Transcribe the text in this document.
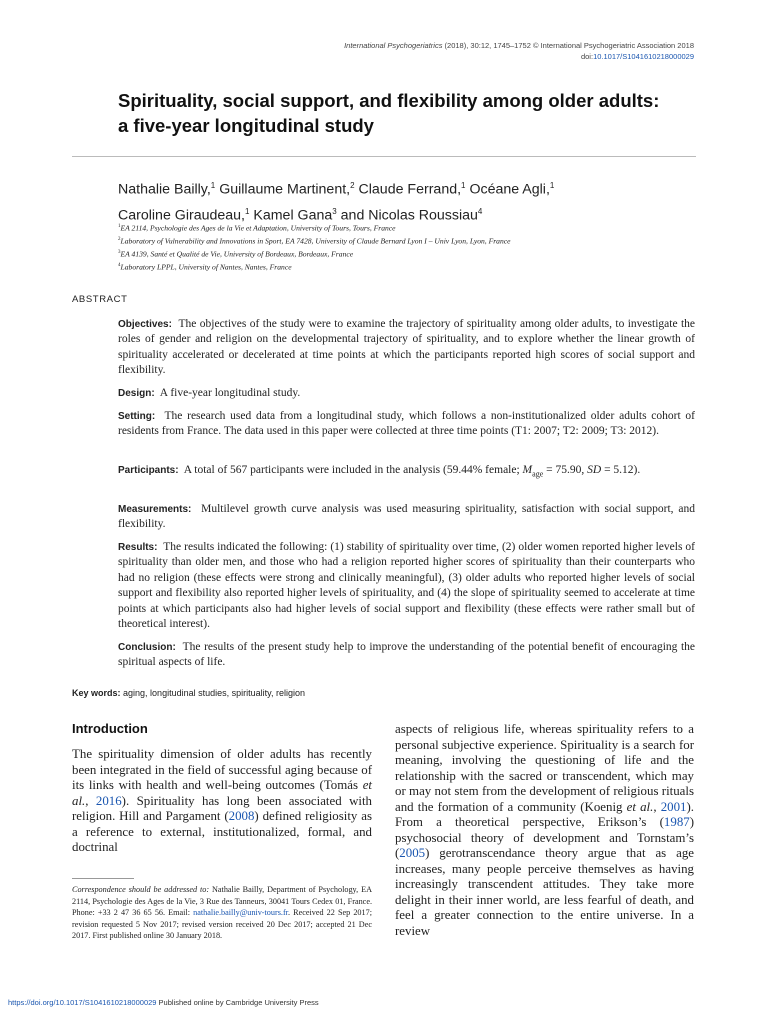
International Psychogeriatrics (2018), 30:12, 1745–1752 © International Psychogeriatric Association 2018
doi:10.1017/S1041610218000029
Spirituality, social support, and flexibility among older adults:
a five-year longitudinal study
Nathalie Bailly,$^1$ Guillaume Martinent,$^2$ Claude Ferrand,$^1$ Océane Agli,$^1$
Caroline Giraudeau,$^1$ Kamel Gana$^3$ and Nicolas Roussiau$^4$
$^1$EA 2114, Psychologie des Ages de la Vie et Adaptation, University of Tours, Tours, France
$^2$Laboratory of Vulnerability and Innovations in Sport, EA 7428, University of Claude Bernard Lyon I – Univ Lyon, Lyon, France
$^3$EA 4139, Santé et Qualité de Vie, University of Bordeaux, Bordeaux, France
$^4$Laboratory LPPL, University of Nantes, Nantes, France
ABSTRACT
Objectives: The objectives of the study were to examine the trajectory of spirituality among older adults, to investigate the roles of gender and religion on the developmental trajectory of spirituality, and to explore whether the linear growth of spirituality accelerated or decelerated at time points at which the participants reported high scores of social support and flexibility.
Design: A five-year longitudinal study.
Setting: The research used data from a longitudinal study, which follows a non-institutionalized older adults cohort of residents from France. The data used in this paper were collected at three time points (T1: 2007; T2: 2009; T3: 2012).
Participants: A total of 567 participants were included in the analysis (59.44% female; $M_{age} = 75.90$, SD = 5.12).
Measurements: Multilevel growth curve analysis was used measuring spirituality, satisfaction with social support, and flexibility.
Results: The results indicated the following: (1) stability of spirituality over time, (2) older women reported higher levels of spirituality than older men, and those who had a religion reported higher scores of spirituality than their counterparts who had no religion (these effects were strong and clinically meaningful), (3) older adults who reported higher levels of social support and flexibility also reported higher levels of spirituality, and (4) the slope of spirituality seemed to accelerate at time points at which participants also had higher levels of social support and flexibility (these effects were rather small but of theoretical interest).
Conclusion: The results of the present study help to improve the understanding of the potential benefit of encouraging the spiritual aspects of life.
Key words: aging, longitudinal studies, spirituality, religion
Introduction
The spirituality dimension of older adults has recently been integrated in the field of successful aging because of its links with health and well-being outcomes (Tomás et al., 2016). Spirituality has long been associated with religion. Hill and Pargament (2008) defined religiosity as a reference to external, institutionalized, formal, and doctrinal
aspects of religious life, whereas spirituality refers to a personal subjective experience. Spirituality is a search for meaning, involving the questioning of life and the relationship with the sacred or transcendent, which may or may not stem from the development of religious rituals and the formation of a community (Koenig et al., 2001). From a theoretical perspective, Erikson’s (1987) psychosocial theory of development and Tornstam’s (2005) gerotranscendance theory argue that as age increases, many people perceive themselves as having increasingly transcendent attitudes. They take more delight in their inner world, are less fearful of death, and feel a greater connection to the entire universe. In a review
Correspondence should be addressed to: Nathalie Bailly, Department of Psychology, EA 2114, Psychologie des Ages de la Vie, 3 Rue des Tanneurs, 30041 Tours Cedex 01, France. Phone: +33 2 47 36 65 56. Email: nathalie.bailly@univ-tours.fr. Received 22 Sep 2017; revision requested 5 Nov 2017; revised version received 20 Dec 2017; accepted 21 Dec 2017. First published online 30 January 2018.
https://doi.org/10.1017/S1041610218000029 Published online by Cambridge University Press
